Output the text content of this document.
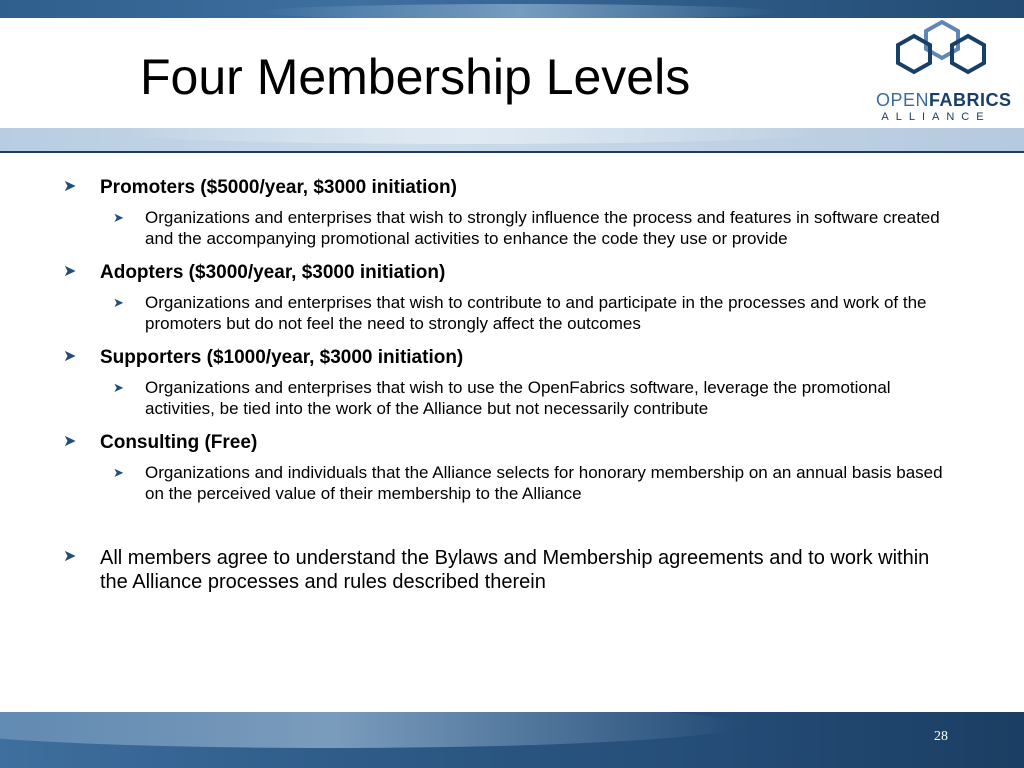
Four Membership Levels	OPENFABRICS
ALLIANCE
➤ Promoters ($5000/year, $3000 initiation)
➤ Organizations and enterprises that wish to strongly influence the process and features in software created and the accompanying promotional activities to enhance the code they use or provide
➤ Adopters ($3000/year, $3000 initiation)
➤ Organizations and enterprises that wish to contribute to and participate in the processes and work of the promoters but do not feel the need to strongly affect the outcomes
➤ Supporters ($1000/year, $3000 initiation)
➤ Organizations and enterprises that wish to use the OpenFabrics software, leverage the promotional activities, be tied into the work of the Alliance but not necessarily contribute
➤ Consulting (Free)
➤ Organizations and individuals that the Alliance selects for honorary membership on an annual basis based on the perceived value of their membership to the Alliance
➤ All members agree to understand the Bylaws and Membership agreements and to work within the Alliance processes and rules described therein
28
